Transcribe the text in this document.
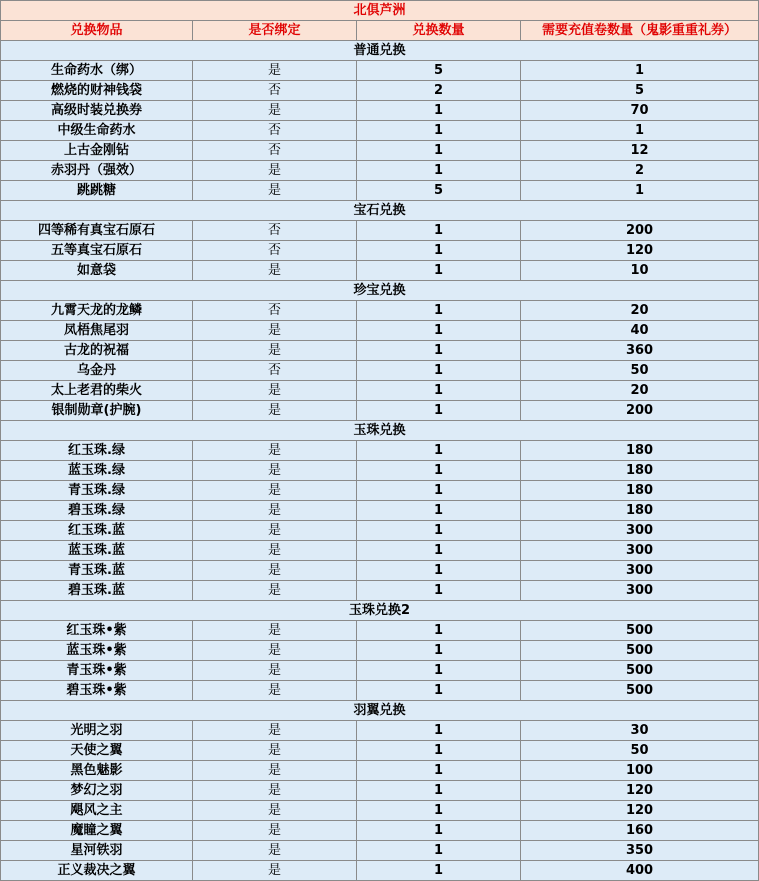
北俱芦洲			
兑换物品	是否绑定	兑换数量	需要充值卷数量（鬼影重重礼券）
普通兑换			
生命药水（绑）	是	5	1
燃烧的财神钱袋	否	2	5
高级时装兑换券	是	1	70
中级生命药水	否	1	1
上古金刚钻	否	1	12
赤羽丹（强效）	是	1	2
跳跳糖	是	5	1
宝石兑换			
四等稀有真宝石原石	否	1	200
五等真宝石原石	否	1	120
如意袋	是	1	10
珍宝兑换			
九霄天龙的龙鳞	否	1	20
凤梧焦尾羽	是	1	40
古龙的祝福	是	1	360
乌金丹	否	1	50
太上老君的柴火	是	1	20
银制勋章(护腕)	是	1	200
玉珠兑换			
红玉珠.绿	是	1	180
蓝玉珠.绿	是	1	180
青玉珠.绿	是	1	180
碧玉珠.绿	是	1	180
红玉珠.蓝	是	1	300
蓝玉珠.蓝	是	1	300
青玉珠.蓝	是	1	300
碧玉珠.蓝	是	1	300
玉珠兑换2			
红玉珠•紫	是	1	500
蓝玉珠•紫	是	1	500
青玉珠•紫	是	1	500
碧玉珠•紫	是	1	500
羽翼兑换			
光明之羽	是	1	30
天使之翼	是	1	50
黑色魅影	是	1	100
梦幻之羽	是	1	120
飓风之主	是	1	120
魔瞳之翼	是	1	160
星河铁羽	是	1	350
正义裁决之翼	是	1	400
